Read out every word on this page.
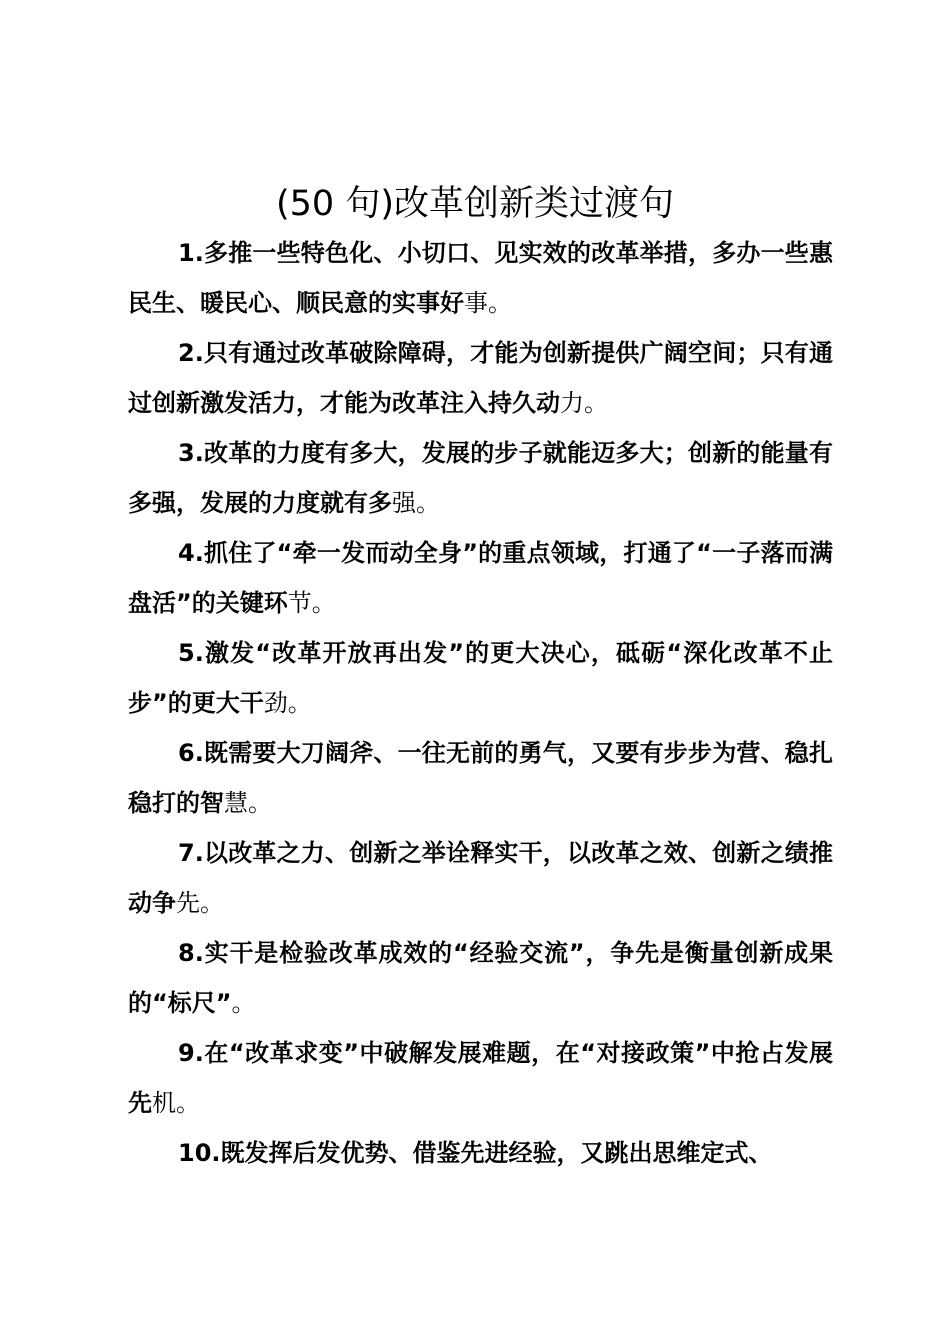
(50 句)改革创新类过渡句

1.多推一些特色化、小切口、见实效的改革举措，多办一些惠民生、暖民心、顺民意的实事好事。

2.只有通过改革破除障碍，才能为创新提供广阔空间；只有通过创新激发活力，才能为改革注入持久动力。

3.改革的力度有多大，发展的步子就能迈多大；创新的能量有多强，发展的力度就有多强。

4.抓住了“牵一发而动全身”的重点领域，打通了“一子落而满盘活”的关键环节。

5.激发“改革开放再出发”的更大决心，砥砺“深化改革不止步”的更大干劲。

6.既需要大刀阔斧、一往无前的勇气，又要有步步为营、稳扎稳打的智慧。

7.以改革之力、创新之举诠释实干，以改革之效、创新之绩推动争先。

8.实干是检验改革成效的“经验交流”，争先是衡量创新成果的“标尺”。

9.在“改革求变”中破解发展难题，在“对接政策”中抢占发展先机。

10.既发挥后发优势、借鉴先进经验，又跳出思维定式、
